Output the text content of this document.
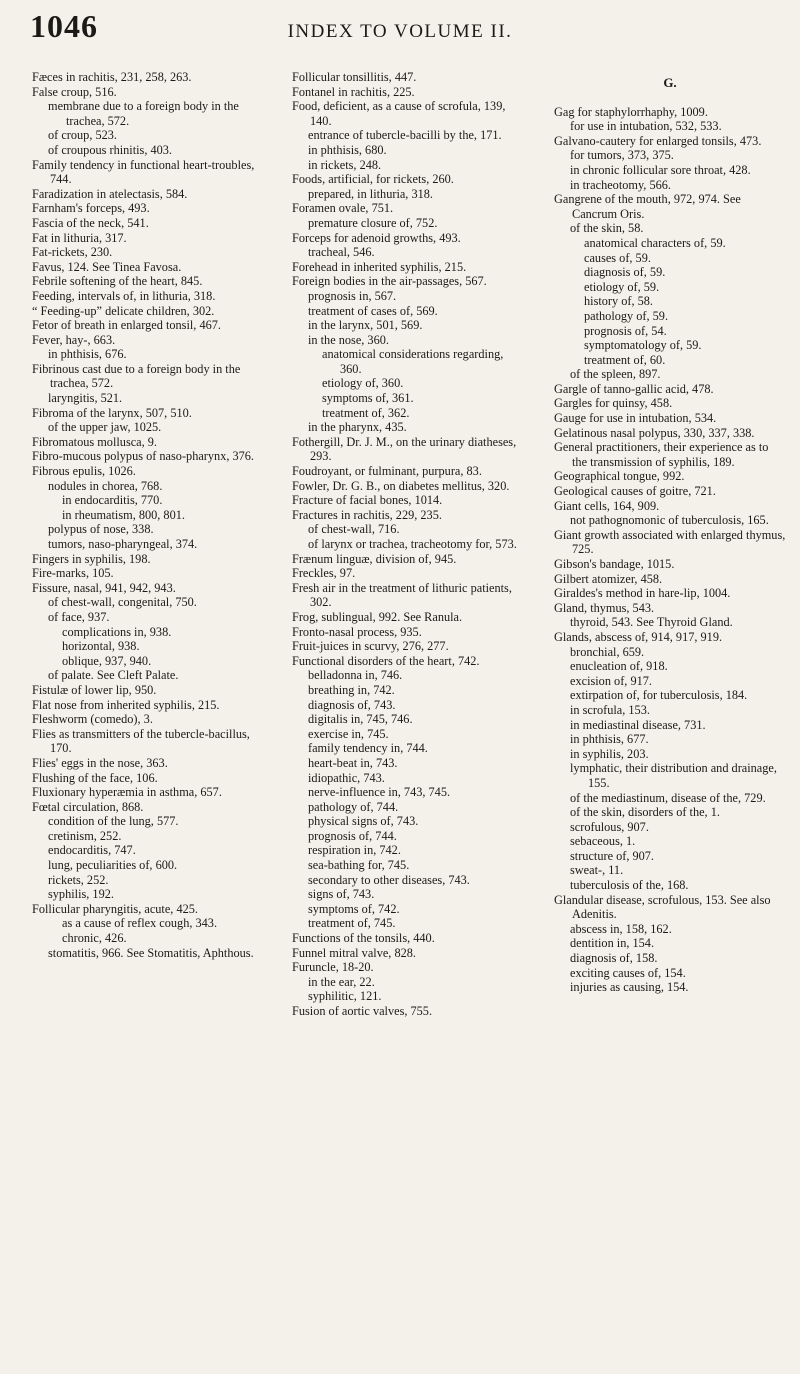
1046	INDEX TO VOLUME II.
Fæces in rachitis, 231, 258, 263.
False croup, 516.
membrane due to a foreign body in the trachea, 572.
of croup, 523.
of croupous rhinitis, 403.
Family tendency in functional heart-troubles, 744.
Faradization in atelectasis, 584.
Farnham's forceps, 493.
Fascia of the neck, 541.
Fat in lithuria, 317.
Fat-rickets, 230.
Favus, 124. See Tinea Favosa.
Febrile softening of the heart, 845.
Feeding, intervals of, in lithuria, 318.
“ Feeding-up” delicate children, 302.
Fetor of breath in enlarged tonsil, 467.
Fever, hay-, 663.
in phthisis, 676.
Fibrinous cast due to a foreign body in the trachea, 572.
laryngitis, 521.
Fibroma of the larynx, 507, 510.
of the upper jaw, 1025.
Fibromatous mollusca, 9.
Fibro-mucous polypus of naso-pharynx, 376.
Fibrous epulis, 1026.
nodules in chorea, 768.
in endocarditis, 770.
in rheumatism, 800, 801.
polypus of nose, 338.
tumors, naso-pharyngeal, 374.
Fingers in syphilis, 198.
Fire-marks, 105.
Fissure, nasal, 941, 942, 943.
of chest-wall, congenital, 750.
of face, 937.
complications in, 938.
horizontal, 938.
oblique, 937, 940.
of palate. See Cleft Palate.
Fistulæ of lower lip, 950.
Flat nose from inherited syphilis, 215.
Fleshworm (comedo), 3.
Flies as transmitters of the tubercle-bacillus, 170.
Flies' eggs in the nose, 363.
Flushing of the face, 106.
Fluxionary hyperæmia in asthma, 657.
Fœtal circulation, 868.
condition of the lung, 577.
cretinism, 252.
endocarditis, 747.
lung, peculiarities of, 600.
rickets, 252.
syphilis, 192.
Follicular pharyngitis, acute, 425.
as a cause of reflex cough, 343.
chronic, 426.
stomatitis, 966. See Stomatitis, Aphthous.
Follicular tonsillitis, 447.
Fontanel in rachitis, 225.
Food, deficient, as a cause of scrofula, 139, 140.
entrance of tubercle-bacilli by the, 171.
in phthisis, 680.
in rickets, 248.
Foods, artificial, for rickets, 260.
prepared, in lithuria, 318.
Foramen ovale, 751.
premature closure of, 752.
Forceps for adenoid growths, 493.
tracheal, 546.
Forehead in inherited syphilis, 215.
Foreign bodies in the air-passages, 567.
prognosis in, 567.
treatment of cases of, 569.
in the larynx, 501, 569.
in the nose, 360.
anatomical considerations regarding, 360.
etiology of, 360.
symptoms of, 361.
treatment of, 362.
in the pharynx, 435.
Fothergill, Dr. J. M., on the urinary diatheses, 293.
Foudroyant, or fulminant, purpura, 83.
Fowler, Dr. G. B., on diabetes mellitus, 320.
Fracture of facial bones, 1014.
Fractures in rachitis, 229, 235.
of chest-wall, 716.
of larynx or trachea, tracheotomy for, 573.
Frænum linguæ, division of, 945.
Freckles, 97.
Fresh air in the treatment of lithuric patients, 302.
Frog, sublingual, 992. See Ranula.
Fronto-nasal process, 935.
Fruit-juices in scurvy, 276, 277.
Functional disorders of the heart, 742.
belladonna in, 746.
breathing in, 742.
diagnosis of, 743.
digitalis in, 745, 746.
exercise in, 745.
family tendency in, 744.
heart-beat in, 743.
idiopathic, 743.
nerve-influence in, 743, 745.
pathology of, 744.
physical signs of, 743.
prognosis of, 744.
respiration in, 742.
sea-bathing for, 745.
secondary to other diseases, 743.
signs of, 743.
symptoms of, 742.
treatment of, 745.
Functions of the tonsils, 440.
Funnel mitral valve, 828.
Furuncle, 18-20.
in the ear, 22.
syphilitic, 121.
Fusion of aortic valves, 755.
G.
Gag for staphylorrhaphy, 1009.
for use in intubation, 532, 533.
Galvano-cautery for enlarged tonsils, 473.
for tumors, 373, 375.
in chronic follicular sore throat, 428.
in tracheotomy, 566.
Gangrene of the mouth, 972, 974. See Cancrum Oris.
of the skin, 58.
anatomical characters of, 59.
causes of, 59.
diagnosis of, 59.
etiology of, 59.
history of, 58.
pathology of, 59.
prognosis of, 54.
symptomatology of, 59.
treatment of, 60.
of the spleen, 897.
Gargle of tanno-gallic acid, 478.
Gargles for quinsy, 458.
Gauge for use in intubation, 534.
Gelatinous nasal polypus, 330, 337, 338.
General practitioners, their experience as to the transmission of syphilis, 189.
Geographical tongue, 992.
Geological causes of goitre, 721.
Giant cells, 164, 909.
not pathognomonic of tuberculosis, 165.
Giant growth associated with enlarged thymus, 725.
Gibson's bandage, 1015.
Gilbert atomizer, 458.
Giraldes's method in hare-lip, 1004.
Gland, thymus, 543.
thyroid, 543. See Thyroid Gland.
Glands, abscess of, 914, 917, 919.
bronchial, 659.
enucleation of, 918.
excision of, 917.
extirpation of, for tuberculosis, 184.
in scrofula, 153.
in mediastinal disease, 731.
in phthisis, 677.
in syphilis, 203.
lymphatic, their distribution and drainage, 155.
of the mediastinum, disease of the, 729.
of the skin, disorders of the, 1.
scrofulous, 907.
sebaceous, 1.
structure of, 907.
sweat-, 11.
tuberculosis of the, 168.
Glandular disease, scrofulous, 153. See also Adenitis.
abscess in, 158, 162.
dentition in, 154.
diagnosis of, 158.
exciting causes of, 154.
injuries as causing, 154.
